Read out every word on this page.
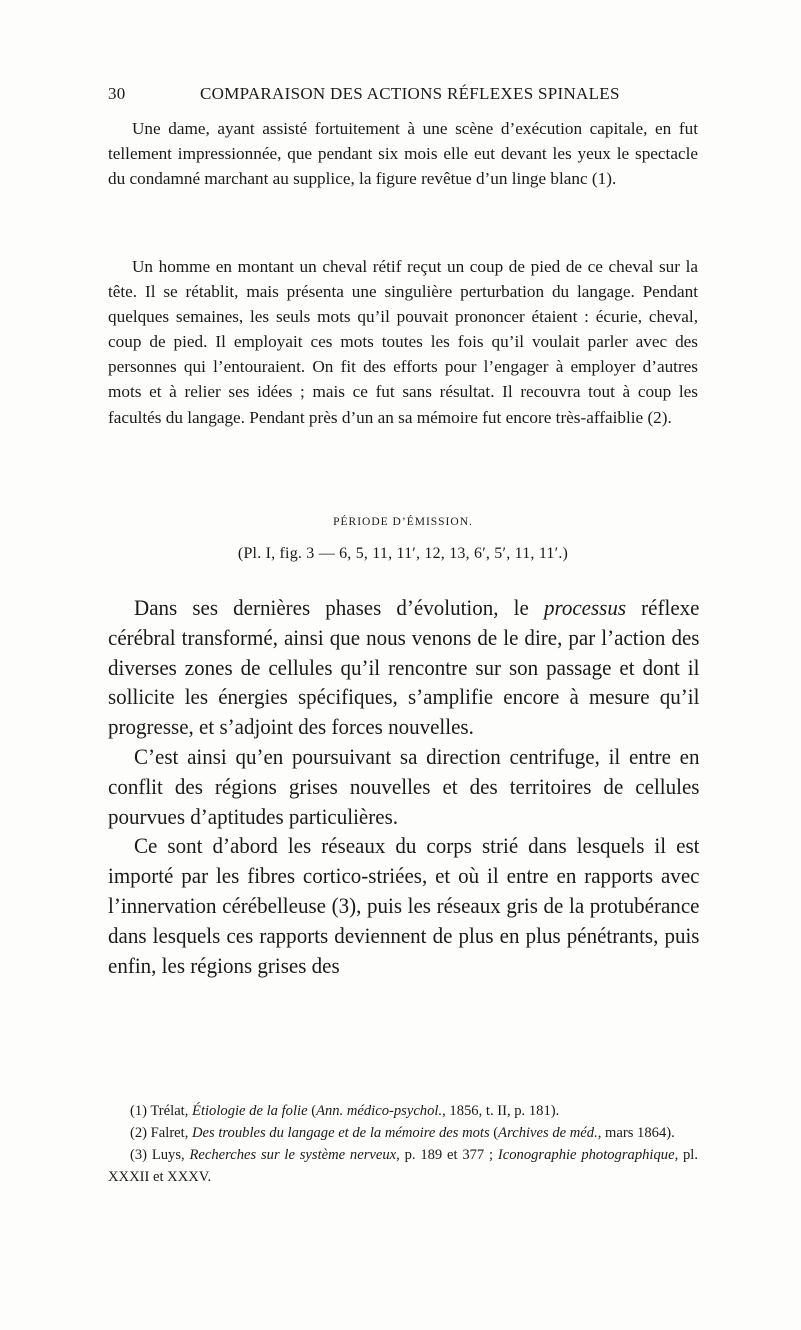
30	COMPARAISON DES ACTIONS RÉFLEXES SPINALES

Une dame, ayant assisté fortuitement à une scène d’exécution capitale, en fut tellement impressionnée, que pendant six mois elle eut devant les yeux le spectacle du condamné marchant au supplice, la figure revêtue d’un linge blanc (1).

Un homme en montant un cheval rétif reçut un coup de pied de ce cheval sur la tête. Il se rétablit, mais présenta une singulière perturbation du langage. Pendant quelques semaines, les seuls mots qu’il pouvait prononcer étaient : écurie, cheval, coup de pied. Il employait ces mots toutes les fois qu’il voulait parler avec des personnes qui l’entouraient. On fit des efforts pour l’engager à employer d’autres mots et à relier ses idées ; mais ce fut sans résultat. Il recouvra tout à coup les facultés du langage. Pendant près d’un an sa mémoire fut encore très-affaiblie (2).

PÉRIODE D’ÉMISSION.
(Pl. I, fig. 3 — 6, 5, 11, 11′, 12, 13, 6′, 5′, 11, 11′.)

Dans ses dernières phases d’évolution, le processus réflexe cérébral transformé, ainsi que nous venons de le dire, par l’action des diverses zones de cellules qu’il rencontre sur son passage et dont il sollicite les énergies spécifiques, s’amplifie encore à mesure qu’il progresse, et s’adjoint des forces nouvelles.

C’est ainsi qu’en poursuivant sa direction centrifuge, il entre en conflit des régions grises nouvelles et des territoires de cellules pourvues d’aptitudes particulières.

Ce sont d’abord les réseaux du corps strié dans lesquels il est importé par les fibres cortico-striées, et où il entre en rapports avec l’innervation cérébelleuse (3), puis les réseaux gris de la protubérance dans lesquels ces rapports deviennent de plus en plus pénétrants, puis enfin, les régions grises des

(1) Trélat, Étiologie de la folie (Ann. médico-psychol., 1856, t. II, p. 181).

(2) Falret, Des troubles du langage et de la mémoire des mots (Archives de méd., mars 1864).

(3) Luys, Recherches sur le système nerveux, p. 189 et 377 ; Iconographie photographique, pl. XXXII et XXXV.
